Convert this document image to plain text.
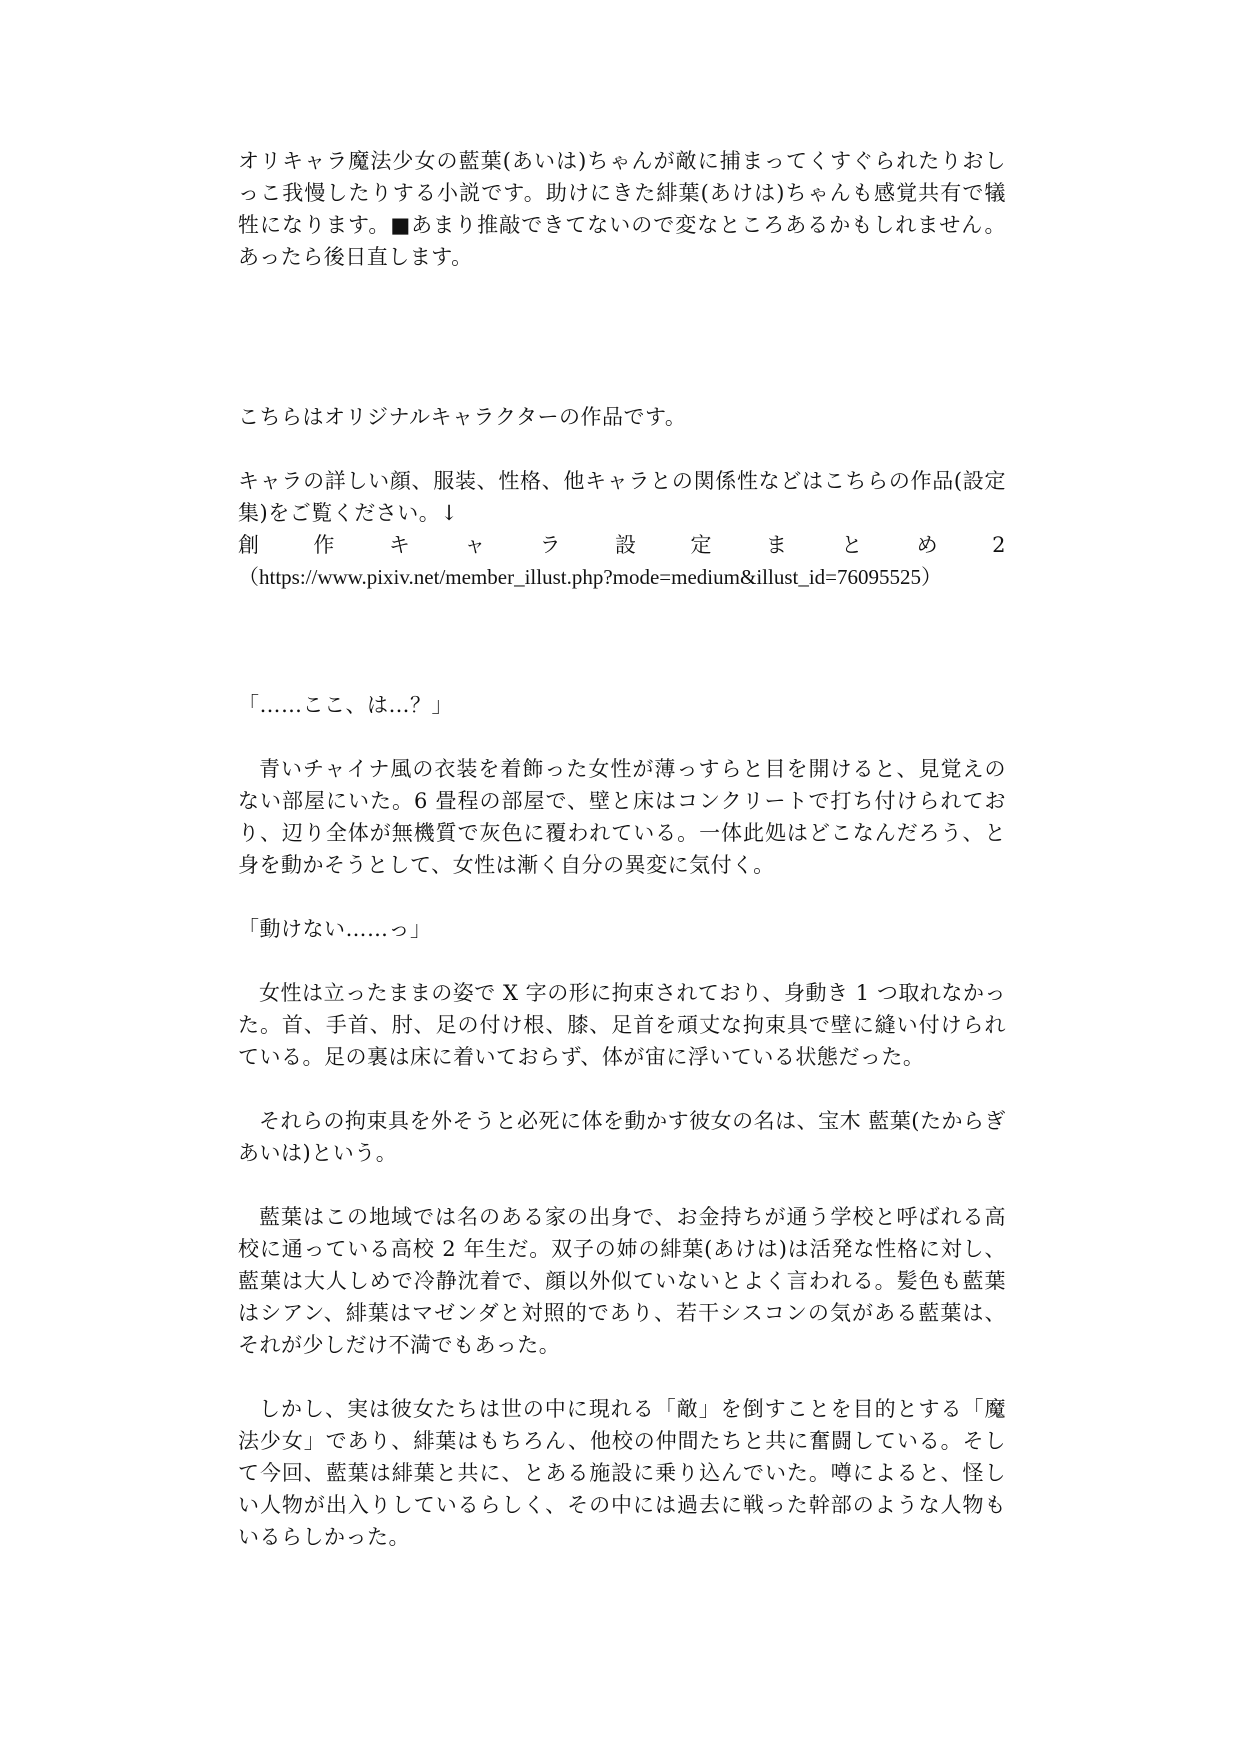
オリキャラ魔法少女の藍葉(あいは)ちゃんが敵に捕まってくすぐられたりおしっこ我慢したりする小説です。助けにきた緋葉(あけは)ちゃんも感覚共有で犠牲になります。■あまり推敲できてないので変なところあるかもしれません。あったら後日直します。

こちらはオリジナルキャラクターの作品です。

キャラの詳しい顔、服装、性格、他キャラとの関係性などはこちらの作品(設定集)をご覧ください。↓

創	作	キ	ャ	ラ	設	定	ま	と	め	2

（https://www.pixiv.net/member_illust.php?mode=medium&illust_id=76095525）

「……ここ、は…？」

青いチャイナ風の衣装を着飾った女性が薄っすらと目を開けると、見覚えのない部屋にいた。6 畳程の部屋で、壁と床はコンクリートで打ち付けられており、辺り全体が無機質で灰色に覆われている。一体此処はどこなんだろう、と身を動かそうとして、女性は漸く自分の異変に気付く。

「動けない……っ」

女性は立ったままの姿で X 字の形に拘束されており、身動き 1 つ取れなかった。首、手首、肘、足の付け根、膝、足首を頑丈な拘束具で壁に縫い付けられている。足の裏は床に着いておらず、体が宙に浮いている状態だった。

それらの拘束具を外そうと必死に体を動かす彼女の名は、宝木 藍葉(たからぎ あいは)という。

藍葉はこの地域では名のある家の出身で、お金持ちが通う学校と呼ばれる高校に通っている高校 2 年生だ。双子の姉の緋葉(あけは)は活発な性格に対し、藍葉は大人しめで冷静沈着で、顔以外似ていないとよく言われる。髪色も藍葉はシアン、緋葉はマゼンダと対照的であり、若干シスコンの気がある藍葉は、それが少しだけ不満でもあった。

しかし、実は彼女たちは世の中に現れる「敵」を倒すことを目的とする「魔法少女」であり、緋葉はもちろん、他校の仲間たちと共に奮闘している。そして今回、藍葉は緋葉と共に、とある施設に乗り込んでいた。噂によると、怪しい人物が出入りしているらしく、その中には過去に戦った幹部のような人物もいるらしかった。
